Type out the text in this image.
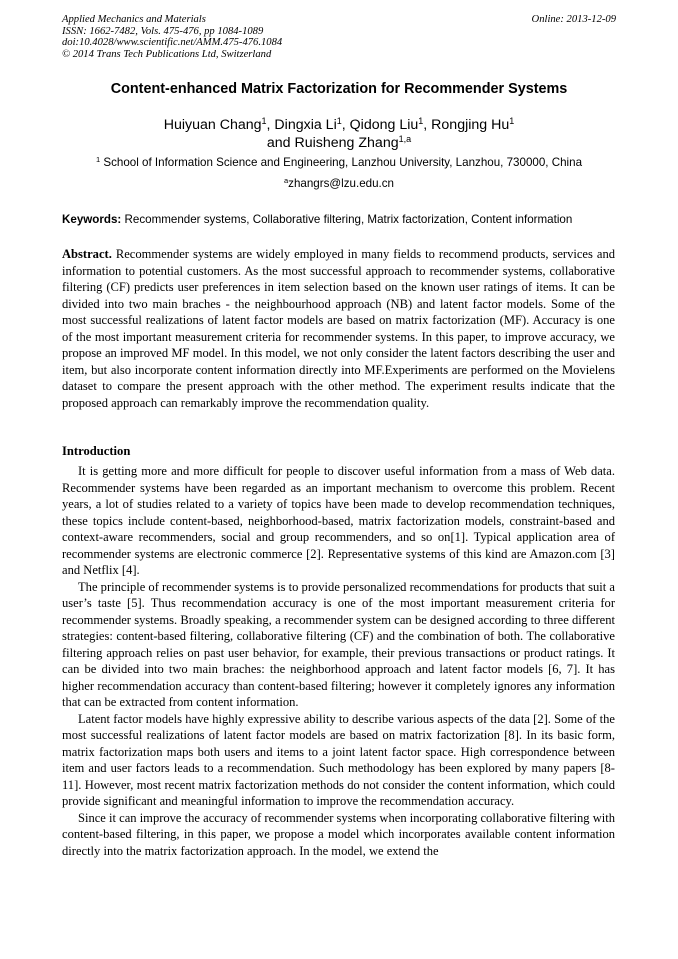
Applied Mechanics and Materials
ISSN: 1662-7482, Vols. 475-476, pp 1084-1089
doi:10.4028/www.scientific.net/AMM.475-476.1084
© 2014 Trans Tech Publications Ltd, Switzerland
Online: 2013-12-09
Content-enhanced Matrix Factorization for Recommender Systems
Huiyuan Chang$^1$, Dingxia Li$^1$, Qidong Liu$^1$, Rongjing Hu$^1$
and Ruisheng Zhang$^{1,a}$
$^1$ School of Information Science and Engineering, Lanzhou University, Lanzhou, 730000, China
$^a$zhangrs@lzu.edu.cn
Keywords: Recommender systems, Collaborative filtering, Matrix factorization, Content information
Abstract. Recommender systems are widely employed in many fields to recommend products, services and information to potential customers. As the most successful approach to recommender systems, collaborative filtering (CF) predicts user preferences in item selection based on the known user ratings of items. It can be divided into two main braches - the neighbourhood approach (NB) and latent factor models. Some of the most successful realizations of latent factor models are based on matrix factorization (MF). Accuracy is one of the most important measurement criteria for recommender systems. In this paper, to improve accuracy, we propose an improved MF model. In this model, we not only consider the latent factors describing the user and item, but also incorporate content information directly into MF.Experiments are performed on the Movielens dataset to compare the present approach with the other method. The experiment results indicate that the proposed approach can remarkably improve the recommendation quality.
Introduction

It is getting more and more difficult for people to discover useful information from a mass of Web data. Recommender systems have been regarded as an important mechanism to overcome this problem. Recent years, a lot of studies related to a variety of topics have been made to develop recommendation techniques, these topics include content-based, neighborhood-based, matrix factorization models, constraint-based and context-aware recommenders, social and group recommenders, and so on[1]. Typical application area of recommender systems are electronic commerce [2]. Representative systems of this kind are Amazon.com [3] and Netflix [4].

The principle of recommender systems is to provide personalized recommendations for products that suit a user’s taste [5]. Thus recommendation accuracy is one of the most important measurement criteria for recommender systems. Broadly speaking, a recommender system can be designed according to three different strategies: content-based filtering, collaborative filtering (CF) and the combination of both. The collaborative filtering approach relies on past user behavior, for example, their previous transactions or product ratings. It can be divided into two main braches: the neighborhood approach and latent factor models [6, 7]. It has higher recommendation accuracy than content-based filtering; however it completely ignores any information that can be extracted from content information.

Latent factor models have highly expressive ability to describe various aspects of the data [2]. Some of the most successful realizations of latent factor models are based on matrix factorization [8]. In its basic form, matrix factorization maps both users and items to a joint latent factor space. High correspondence between item and user factors leads to a recommendation. Such methodology has been explored by many papers [8-11]. However, most recent matrix factorization methods do not consider the content information, which could provide significant and meaningful information to improve the recommendation accuracy.

Since it can improve the accuracy of recommender systems when incorporating collaborative filtering with content-based filtering, in this paper, we propose a model which incorporates available content information directly into the matrix factorization approach. In the model, we extend the
